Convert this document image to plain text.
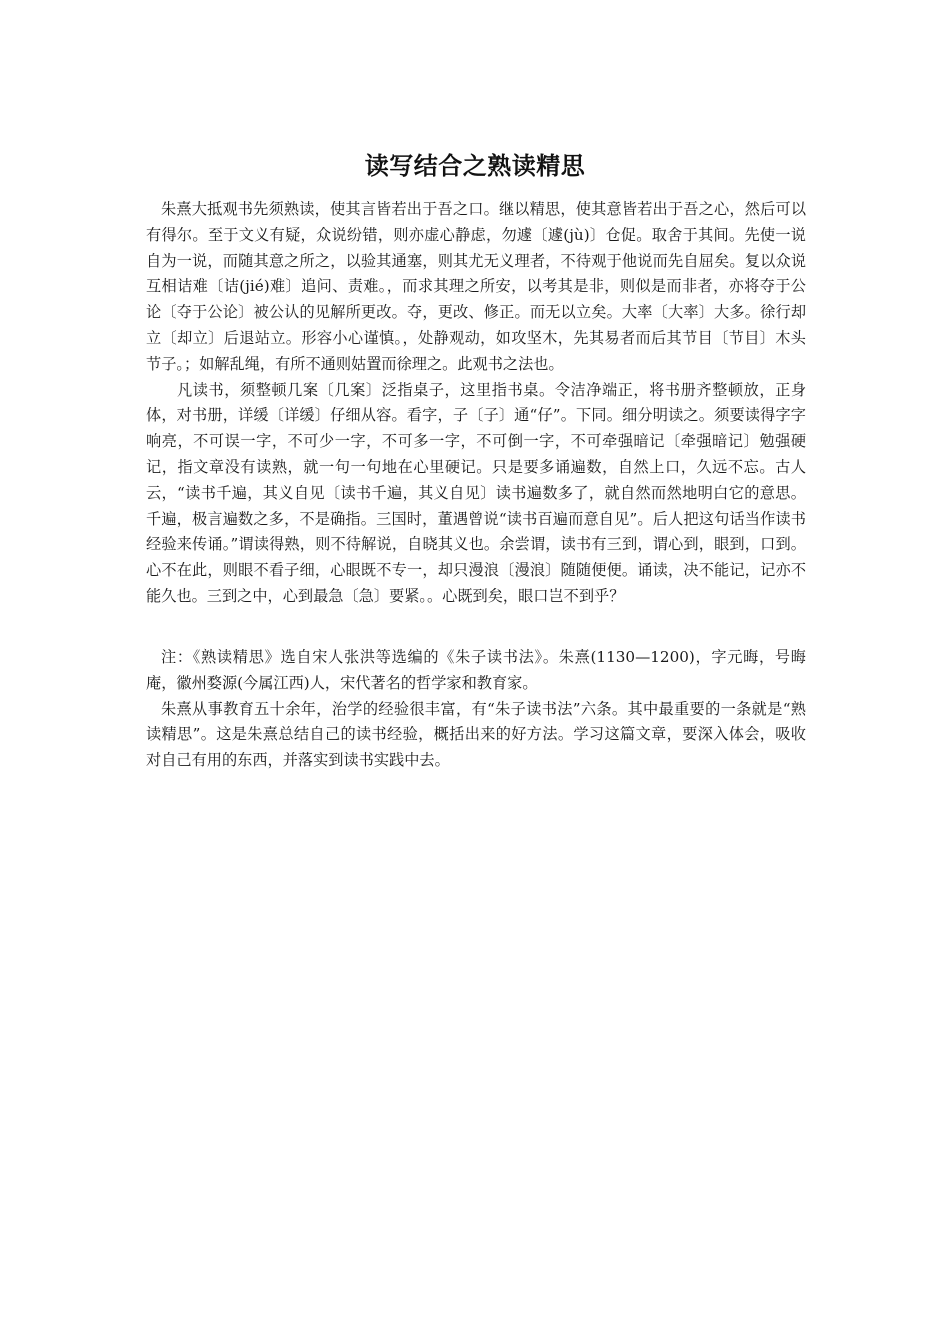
读写结合之熟读精思

朱熹大抵观书先须熟读，使其言皆若出于吾之口。继以精思，使其意皆若出于吾之心，然后可以有得尔。至于文义有疑，众说纷错，则亦虚心静虑，勿遽〔遽(jù)〕仓促。取舍于其间。先使一说自为一说，而随其意之所之，以验其通塞，则其尤无义理者，不待观于他说而先自屈矣。复以众说互相诘难〔诘(jié)难〕追问、责难。，而求其理之所安，以考其是非，则似是而非者，亦将夺于公论〔夺于公论〕被公认的见解所更改。夺，更改、修正。而无以立矣。大率〔大率〕大多。徐行却立〔却立〕后退站立。形容小心谨慎。，处静观动，如攻坚木，先其易者而后其节目〔节目〕木头节子。；如解乱绳，有所不通则姑置而徐理之。此观书之法也。

凡读书，须整顿几案〔几案〕泛指桌子，这里指书桌。令洁净端正，将书册齐整顿放，正身体，对书册，详缓〔详缓〕仔细从容。看字，子〔子〕通“仔”。下同。细分明读之。须要读得字字响亮，不可误一字，不可少一字，不可多一字，不可倒一字，不可牵强暗记〔牵强暗记〕勉强硬记，指文章没有读熟，就一句一句地在心里硬记。只是要多诵遍数，自然上口，久远不忘。古人云，“读书千遍，其义自见〔读书千遍，其义自见〕读书遍数多了，就自然而然地明白它的意思。千遍，极言遍数之多，不是确指。三国时，董遇曾说“读书百遍而意自见”。后人把这句话当作读书经验来传诵。”谓读得熟，则不待解说，自晓其义也。余尝谓，读书有三到，谓心到，眼到，口到。心不在此，则眼不看子细，心眼既不专一，却只漫浪〔漫浪〕随随便便。诵读，决不能记，记亦不能久也。三到之中，心到最急〔急〕要紧。。心既到矣，眼口岂不到乎？

注：《熟读精思》选自宋人张洪等选编的《朱子读书法》。朱熹(1130—1200)，字元晦，号晦庵，徽州婺源(今属江西)人，宋代著名的哲学家和教育家。

朱熹从事教育五十余年，治学的经验很丰富，有“朱子读书法”六条。其中最重要的一条就是“熟读精思”。这是朱熹总结自己的读书经验，概括出来的好方法。学习这篇文章，要深入体会，吸收对自己有用的东西，并落实到读书实践中去。
